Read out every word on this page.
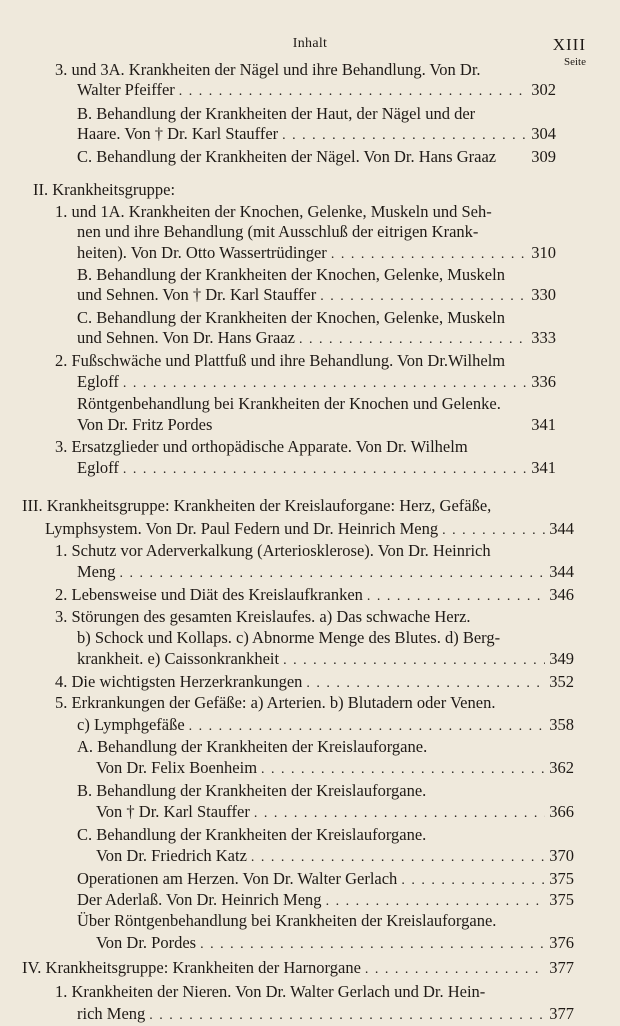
Inhalt	XIII
Seite
3. und 3A. Krankheiten der Nägel und ihre Behandlung. Von Dr.
Walter Pfeiffer . . .	302
B. Behandlung der Krankheiten der Haut, der Nägel und der
Haare. Von † Dr. Karl Stauffer . . .	304
C. Behandlung der Krankheiten der Nägel. Von Dr. Hans Graaz 309
II. Krankheitsgruppe:
1. und 1A. Krankheiten der Knochen, Gelenke, Muskeln und Seh-
nen und ihre Behandlung (mit Ausschluß der eitrigen Krank-
heiten). Von Dr. Otto Wassertrüdinger . . .	310
B. Behandlung der Krankheiten der Knochen, Gelenke, Muskeln
und Sehnen. Von † Dr. Karl Stauffer . . .	330
C. Behandlung der Krankheiten der Knochen, Gelenke, Muskeln
und Sehnen. Von Dr. Hans Graaz . . .	333
2. Fußschwäche und Plattfuß und ihre Behandlung. Von Dr.Wilhelm
Egloff . . .	336
Röntgenbehandlung bei Krankheiten der Knochen und Gelenke.
Von Dr. Fritz Pordes	341
3. Ersatzglieder und orthopädische Apparate. Von Dr. Wilhelm
Egloff . . .	341
III. Krankheitsgruppe: Krankheiten der Kreislauforgane: Herz, Gefäße,
Lymphsystem. Von Dr. Paul Federn und Dr. Heinrich Meng . . .	344
1. Schutz vor Aderverkalkung (Arteriosklerose). Von Dr. Heinrich
Meng . . .	344
2. Lebensweise und Diät des Kreislaufkranken . . .	346
3. Störungen des gesamten Kreislaufes. a) Das schwache Herz.
b) Schock und Kollaps. c) Abnorme Menge des Blutes. d) Berg-
krankheit. e) Caissonkrankheit . . .	349
4. Die wichtigsten Herzerkrankungen . . .	352
5. Erkrankungen der Gefäße: a) Arterien. b) Blutadern oder Venen.
c) Lymphgefäße . . .	358
A. Behandlung der Krankheiten der Kreislauforgane.
Von Dr. Felix Boenheim . . .	362
B. Behandlung der Krankheiten der Kreislauforgane.
Von † Dr. Karl Stauffer . . .	366
C. Behandlung der Krankheiten der Kreislauforgane.
Von Dr. Friedrich Katz . . .	370
Operationen am Herzen. Von Dr. Walter Gerlach . . .	375
Der Aderlaß. Von Dr. Heinrich Meng . . .	375
Über Röntgenbehandlung bei Krankheiten der Kreislauforgane.
Von Dr. Pordes . . .	376
IV. Krankheitsgruppe: Krankheiten der Harnorgane . . .	377
1. Krankheiten der Nieren. Von Dr. Walter Gerlach und Dr. Hein-
rich Meng . . .	377
